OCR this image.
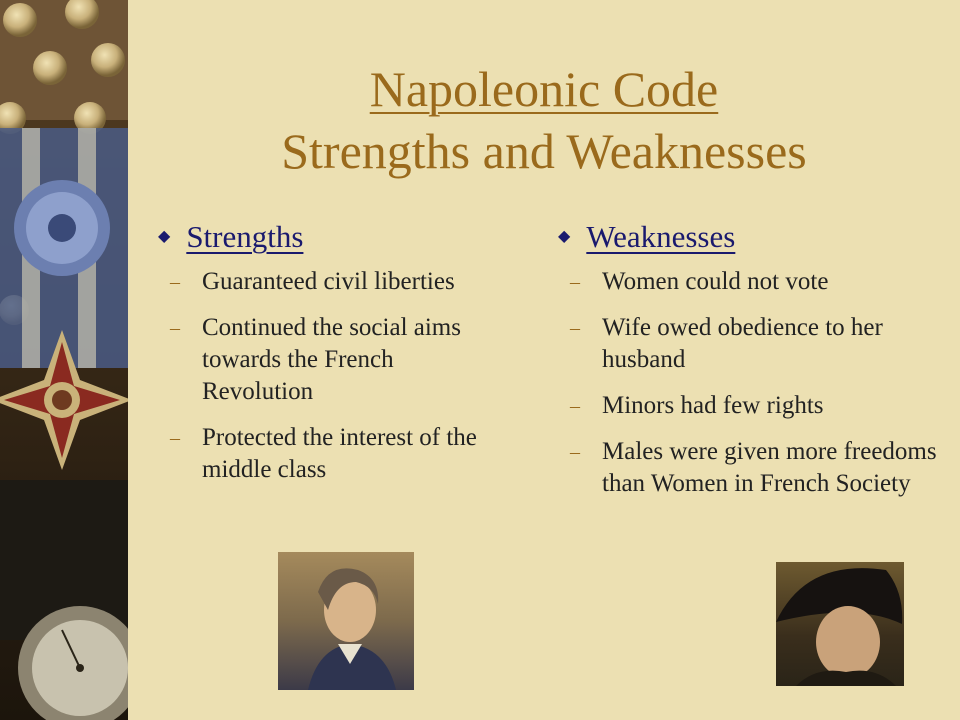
Napoleonic Code
Strengths and Weaknesses
◆ Strengths
– Guaranteed civil liberties
– Continued the social aims towards the French Revolution
– Protected the interest of the middle class
◆ Weaknesses
– Women could not vote
– Wife owed obedience to her husband
– Minors had few rights
– Males were given more freedoms than Women in French Society
